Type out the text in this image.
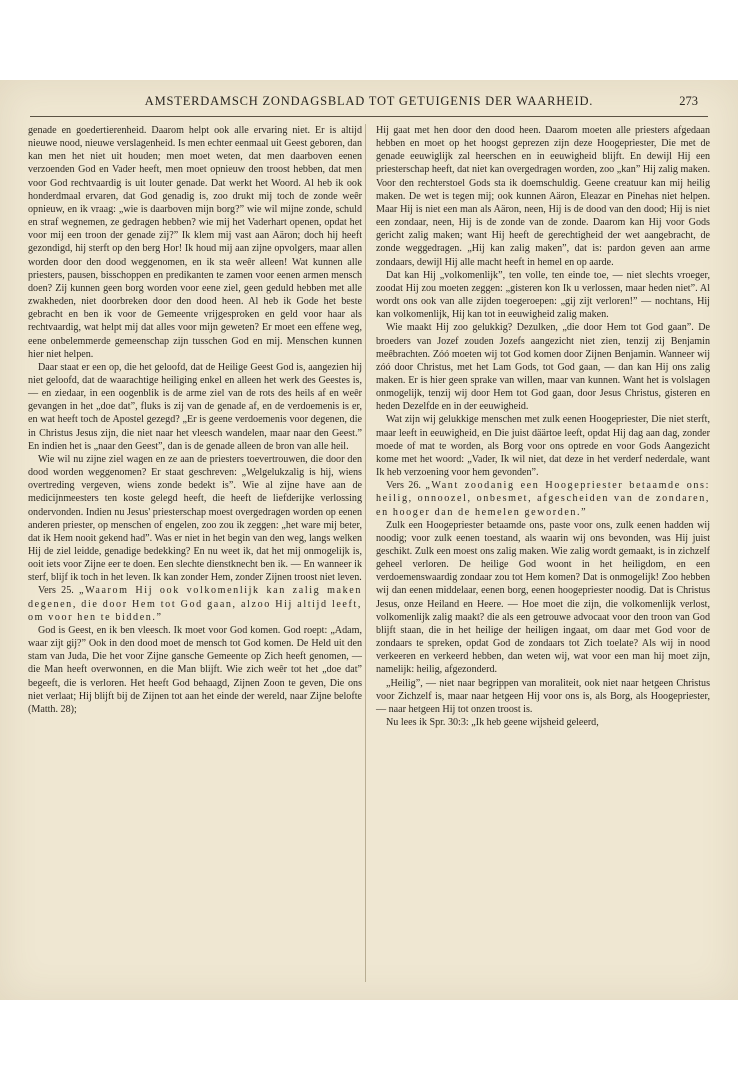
AMSTERDAMSCH ZONDAGSBLAD TOT GETUIGENIS DER WAARHEID.	273

genade en goedertierenheid. Daarom helpt ook alle ervaring niet. Er is altijd nieuwe nood, nieuwe verslagenheid. Is men echter eenmaal uit Geest geboren, dan kan men het niet uit houden; men moet weten, dat men daarboven eenen verzoenden God en Vader heeft, men moet opnieuw den troost hebben, dat men voor God rechtvaardig is uit louter genade. Dat werkt het Woord. Al heb ik ook honderdmaal ervaren, dat God genadig is, zoo drukt mij toch de zonde weêr opnieuw, en ik vraag: „wie is daarboven mijn borg?” wie wil mijne zonde, schuld en straf wegnemen, ze gedragen hebben? wie mij het Vaderhart openen, opdat het voor mij een troon der genade zij?” Ik klem mij vast aan Aäron; doch hij heeft gezondigd, hij sterft op den berg Hor! Ik houd mij aan zijne opvolgers, maar allen worden door den dood weggenomen, en ik sta weêr alleen! Wat kunnen alle priesters, pausen, bisschoppen en predikanten te zamen voor eenen armen mensch doen? Zij kunnen geen borg worden voor eene ziel, geen geduld hebben met alle zwakheden, niet doorbreken door den dood heen. Al heb ik Gode het beste gebracht en ben ik voor de Gemeente vrijgesproken en geld voor haar als rechtvaardig, wat helpt mij dat alles voor mijn geweten? Er moet een effene weg, eene onbelemmerde gemeenschap zijn tusschen God en mij. Menschen kunnen hier niet helpen.

Daar staat er een op, die het geloofd, dat de Heilige Geest God is, aangezien hij niet geloofd, dat de waarachtige heiliging enkel en alleen het werk des Geestes is, — en ziedaar, in een oogenblik is de arme ziel van de rots des heils af en weêr gevangen in het „doe dat”, fluks is zij van de genade af, en de verdoemenis is er, en wat heeft toch de Apostel gezegd? „Er is geene verdoemenis voor degenen, die in Christus Jesus zijn, die niet naar het vleesch wandelen, maar naar den Geest.” En indien het is „naar den Geest”, dan is de genade alleen de bron van alle heil.

Wie wil nu zijne ziel wagen en ze aan de priesters toevertrouwen, die door den dood worden weggenomen? Er staat geschreven: „Welgelukzalig is hij, wiens overtreding vergeven, wiens zonde bedekt is”. Wie al zijne have aan de medicijnmeesters ten koste gelegd heeft, die heeft de liefderijke verlossing ondervonden. Indien nu Jesus' priesterschap moest overgedragen worden op eenen anderen priester, op menschen of engelen, zoo zou ik zeggen: „het ware mij beter, dat ik Hem nooit gekend had”. Was er niet in het begin van den weg, langs welken Hij de ziel leidde, genadige bedekking? En nu weet ik, dat het mij onmogelijk is, ooit iets voor Zijne eer te doen. Een slechte dienstknecht ben ik. — En wanneer ik sterf, blijf ik toch in het leven. Ik kan zonder Hem, zonder Zijnen troost niet leven.

Vers 25. „Waarom Hij ook volkomenlijk kan zalig maken degenen, die door Hem tot God gaan, alzoo Hij altijd leeft, om voor hen te bidden.”

God is Geest, en ik ben vleesch. Ik moet voor God komen. God roept: „Adam, waar zijt gij?” Ook in den dood moet de mensch tot God komen. De Held uit den stam van Juda, Die het voor Zijne gansche Gemeente op Zich heeft genomen, — die Man heeft overwonnen, en die Man blijft. Wie zich weêr tot het „doe dat” begeeft, die is verloren. Het heeft God behaagd, Zijnen Zoon te geven, Die ons niet verlaat; Hij blijft bij de Zijnen tot aan het einde der wereld, naar Zijne belofte (Matth. 28);

Hij gaat met hen door den dood heen. Daarom moeten alle priesters afgedaan hebben en moet op het hoogst geprezen zijn deze Hoogepriester, Die met de genade eeuwiglijk zal heerschen en in eeuwigheid blijft. En dewijl Hij een priesterschap heeft, dat niet kan overgedragen worden, zoo „kan” Hij zalig maken. Voor den rechterstoel Gods sta ik doemschuldig. Geene creatuur kan mij heilig maken. De wet is tegen mij; ook kunnen Aäron, Eleazar en Pinehas niet helpen. Maar Hij is niet een man als Aäron, neen, Hij is de dood van den dood; Hij is niet een zondaar, neen, Hij is de zonde van de zonde. Daarom kan Hij voor Gods gericht zalig maken; want Hij heeft de gerechtigheid der wet aangebracht, de zonde weggedragen. „Hij kan zalig maken”, dat is: pardon geven aan arme zondaars, dewijl Hij alle macht heeft in hemel en op aarde.

Dat kan Hij „volkomenlijk”, ten volle, ten einde toe, — niet slechts vroeger, zoodat Hij zou moeten zeggen: „gisteren kon Ik u verlossen, maar heden niet”. Al wordt ons ook van alle zijden toegeroepen: „gij zijt verloren!” — nochtans, Hij kan volkomenlijk, Hij kan tot in eeuwigheid zalig maken.

Wie maakt Hij zoo gelukkig? Dezulken, „die door Hem tot God gaan”. De broeders van Jozef zouden Jozefs aangezicht niet zien, tenzij zij Benjamin meêbrachten. Zóó moeten wij tot God komen door Zijnen Benjamin. Wanneer wij zóó door Christus, met het Lam Gods, tot God gaan, — dan kan Hij ons zalig maken. Er is hier geen sprake van willen, maar van kunnen. Want het is volslagen onmogelijk, tenzij wij door Hem tot God gaan, door Jesus Christus, gisteren en heden Dezelfde en in der eeuwigheid.

Wat zijn wij gelukkige menschen met zulk eenen Hoogepriester, Die niet sterft, maar leeft in eeuwigheid, en Die juist däärtoe leeft, opdat Hij dag aan dag, zonder moede of mat te worden, als Borg voor ons optrede en voor Gods Aangezicht kome met het woord: „Vader, Ik wil niet, dat deze in het verderf nederdale, want Ik heb verzoening voor hem gevonden”.

Vers 26. „Want zoodanig een Hoogepriester betaamde ons: heilig, onnoozel, onbesmet, afgescheiden van de zondaren, en hooger dan de hemelen geworden.”

Zulk een Hoogepriester betaamde ons, paste voor ons, zulk eenen hadden wij noodig; voor zulk eenen toestand, als waarin wij ons bevonden, was Hij juist geschikt. Zulk een moest ons zalig maken. Wie zalig wordt gemaakt, is in zichzelf geheel verloren. De heilige God woont in het heiligdom, en een verdoemenswaardig zondaar zou tot Hem komen? Dat is onmogelijk! Zoo hebben wij dan eenen middelaar, eenen borg, eenen hoogepriester noodig. Dat is Christus Jesus, onze Heiland en Heere. — Hoe moet die zijn, die volkomenlijk verlost, volkomenlijk zalig maakt? die als een getrouwe advocaat voor den troon van God blijft staan, die in het heilige der heiligen ingaat, om daar met God voor de zondaars te spreken, opdat God de zondaars tot Zich toelate? Als wij in nood verkeeren en verkeerd hebben, dan weten wij, wat voor een man hij moet zijn, namelijk: heilig, afgezonderd.

„Heilig”, — niet naar begrippen van moraliteit, ook niet naar hetgeen Christus voor Zichzelf is, maar naar hetgeen Hij voor ons is, als Borg, als Hoogepriester, — naar hetgeen Hij tot onzen troost is.

Nu lees ik Spr. 30:3: „Ik heb geene wijsheid geleerd,
